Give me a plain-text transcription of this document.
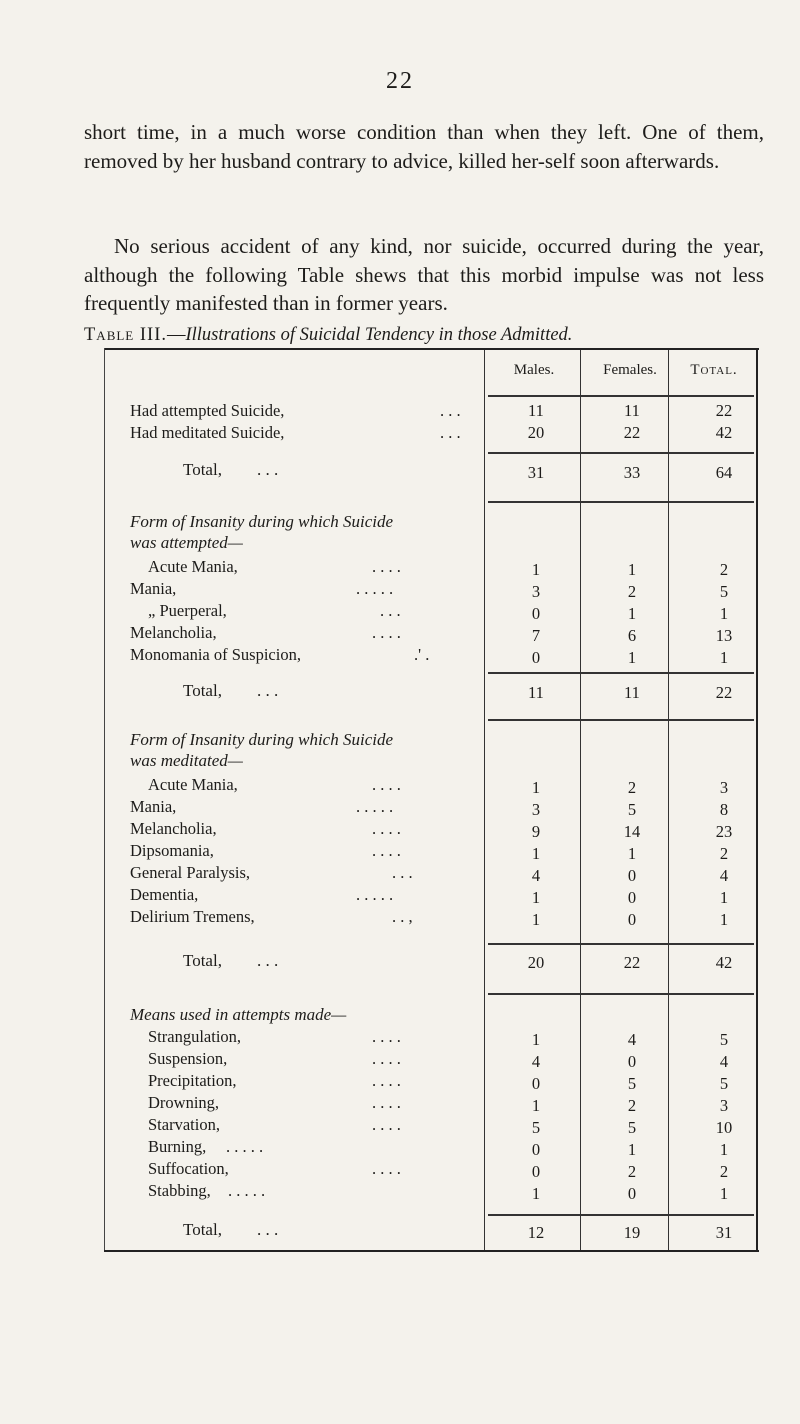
22

short time, in a much worse condition than when they left. One of them, removed by her husband contrary to advice, killed her-self soon afterwards.

No serious accident of any kind, nor suicide, occurred during the year, although the following Table shews that this morbid impulse was not less frequently manifested than in former years.

Table III.—Illustrations of Suicidal Tendency in those Admitted.
Males.	Females.	Total.
Had attempted Suicide,	. . .	11	11	22
Had meditated Suicide,	. . .	20	22	42
Total, . . .	31	33	64
Form of Insanity during which Suicide
was attempted—
Acute Mania,	. . . .	1	1	2
Mania,	. . . . .	3	2	5
„ Puerperal,	. . .	0	1	1
Melancholia,	. . . .	7	6	13
Monomania of Suspicion,	.' .	0	1	1
Total, . . .	11	11	22
Form of Insanity during which Suicide
was meditated—
Acute Mania,	. . . .	1	2	3
Mania,	. . . . .	3	5	8
Melancholia,	. . . .	9	14	23
Dipsomania,	. . . .	1	1	2
General Paralysis,	. . .	4	0	4
Dementia,	. . . . .	1	0	1
Delirium Tremens,	. . ,	1	0	1
Total, . . .	20	22	42
Means used in attempts made—
Strangulation,	. . . .	1	4	5
Suspension,	. . . .	4	0	4
Precipitation,	. . . .	0	5	5
Drowning,	. . . .	1	2	3
Starvation,	. . . .	5	5	10
Burning, . . . . .	0	1	1
Suffocation,	. . . .	0	2	2
Stabbing, . . . . .	1	0	1
Total, . . .	12	19	31
